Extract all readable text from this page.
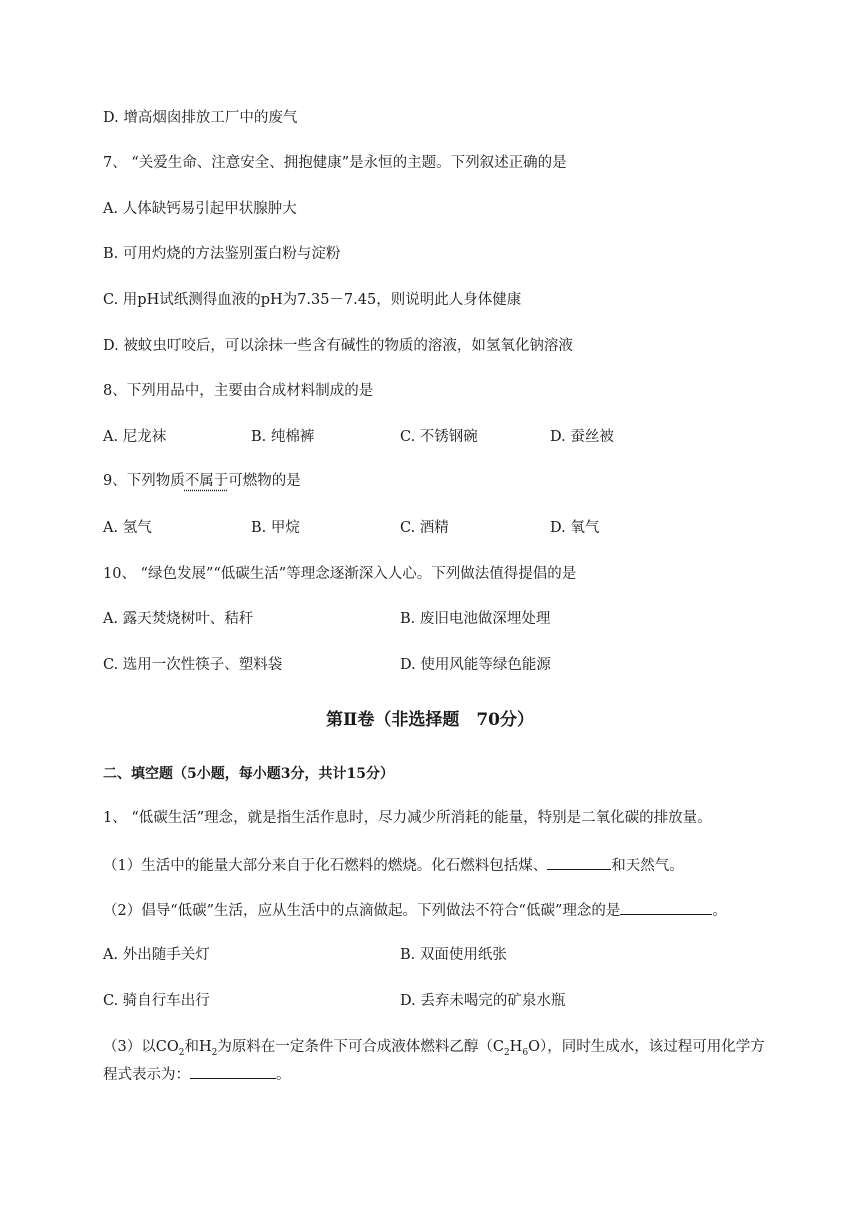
D. 增高烟囱排放工厂中的废气
7、 “关爱生命、注意安全、拥抱健康”是永恒的主题。下列叙述正确的是
A. 人体缺钙易引起甲状腺肿大
B. 可用灼烧的方法鉴别蛋白粉与淀粉
C. 用pH试纸测得血液的pH为7.35－7.45，则说明此人身体健康
D. 被蚊虫叮咬后，可以涂抹一些含有碱性的物质的溶液，如氢氧化钠溶液
8、下列用品中，主要由合成材料制成的是
A. 尼龙袜	B. 纯棉裤	C. 不锈钢碗	D. 蚕丝被
9、下列物质不属于可燃物的是
A. 氢气	B. 甲烷	C. 酒精	D. 氧气
10、 “绿色发展”“低碳生活”等理念逐渐深入人心。下列做法值得提倡的是
A. 露天焚烧树叶、秸秆	B. 废旧电池做深埋处理
C. 选用一次性筷子、塑料袋	D. 使用风能等绿色能源
第Ⅱ卷（非选择题　70分）
二、填空题（5小题，每小题3分，共计15分）
1、 “低碳生活”理念，就是指生活作息时，尽力减少所消耗的能量，特别是二氧化碳的排放量。
（1）生活中的能量大部分来自于化石燃料的燃烧。化石燃料包括煤、	和天然气。
（2）倡导“低碳”生活，应从生活中的点滴做起。下列做法不符合“低碳”理念的是	。
A. 外出随手关灯	B. 双面使用纸张
C. 骑自行车出行	D. 丢弃未喝完的矿泉水瓶
（3）以$CO_2$和$H_2$为原料在一定条件下可合成液体燃料乙醇$(C_2H_6O)$，同时生成水，该过程可用化学方
程式表示为：	。
